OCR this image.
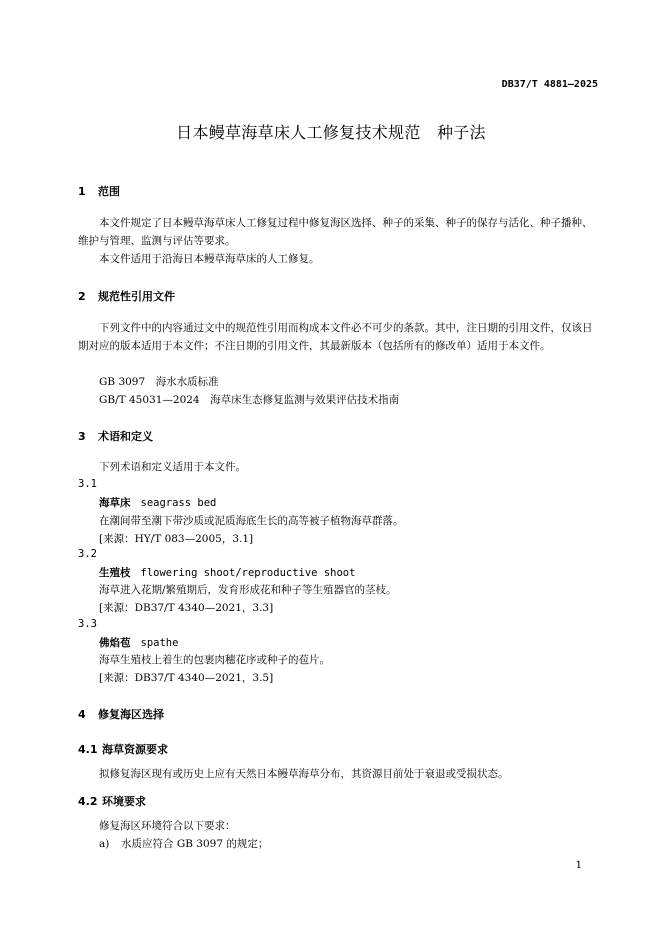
DB37/T 4881—2025
日本鳗草海草床人工修复技术规范　种子法
1 范围
本文件规定了日本鳗草海草床人工修复过程中修复海区选择、种子的采集、种子的保存与活化、种子播种、维护与管理、监测与评估等要求。
本文件适用于沿海日本鳗草海草床的人工修复。
2 规范性引用文件
下列文件中的内容通过文中的规范性引用而构成本文件必不可少的条款。其中，注日期的引用文件，仅该日期对应的版本适用于本文件；不注日期的引用文件，其最新版本（包括所有的修改单）适用于本文件。
GB 3097　海水水质标准
GB/T 45031—2024　海草床生态修复监测与效果评估技术指南
3 术语和定义
下列术语和定义适用于本文件。
3.1
海草床 seagrass bed
在潮间带至潮下带沙质或泥质海底生长的高等被子植物海草群落。
[来源：HY/T 083—2005，3.1]
3.2
生殖枝 flowering shoot/reproductive shoot
海草进入花期/繁殖期后，发育形成花和种子等生殖器官的茎枝。
[来源：DB37/T 4340—2021，3.3]
3.3
佛焰苞 spathe
海草生殖枝上着生的包裹肉穗花序或种子的苞片。
[来源：DB37/T 4340—2021，3.5]
4 修复海区选择
4.1 海草资源要求
拟修复海区现有或历史上应有天然日本鳗草海草分布，其资源目前处于衰退或受损状态。
4.2 环境要求
修复海区环境符合以下要求：
a) 水质应符合 GB 3097 的规定；
1
